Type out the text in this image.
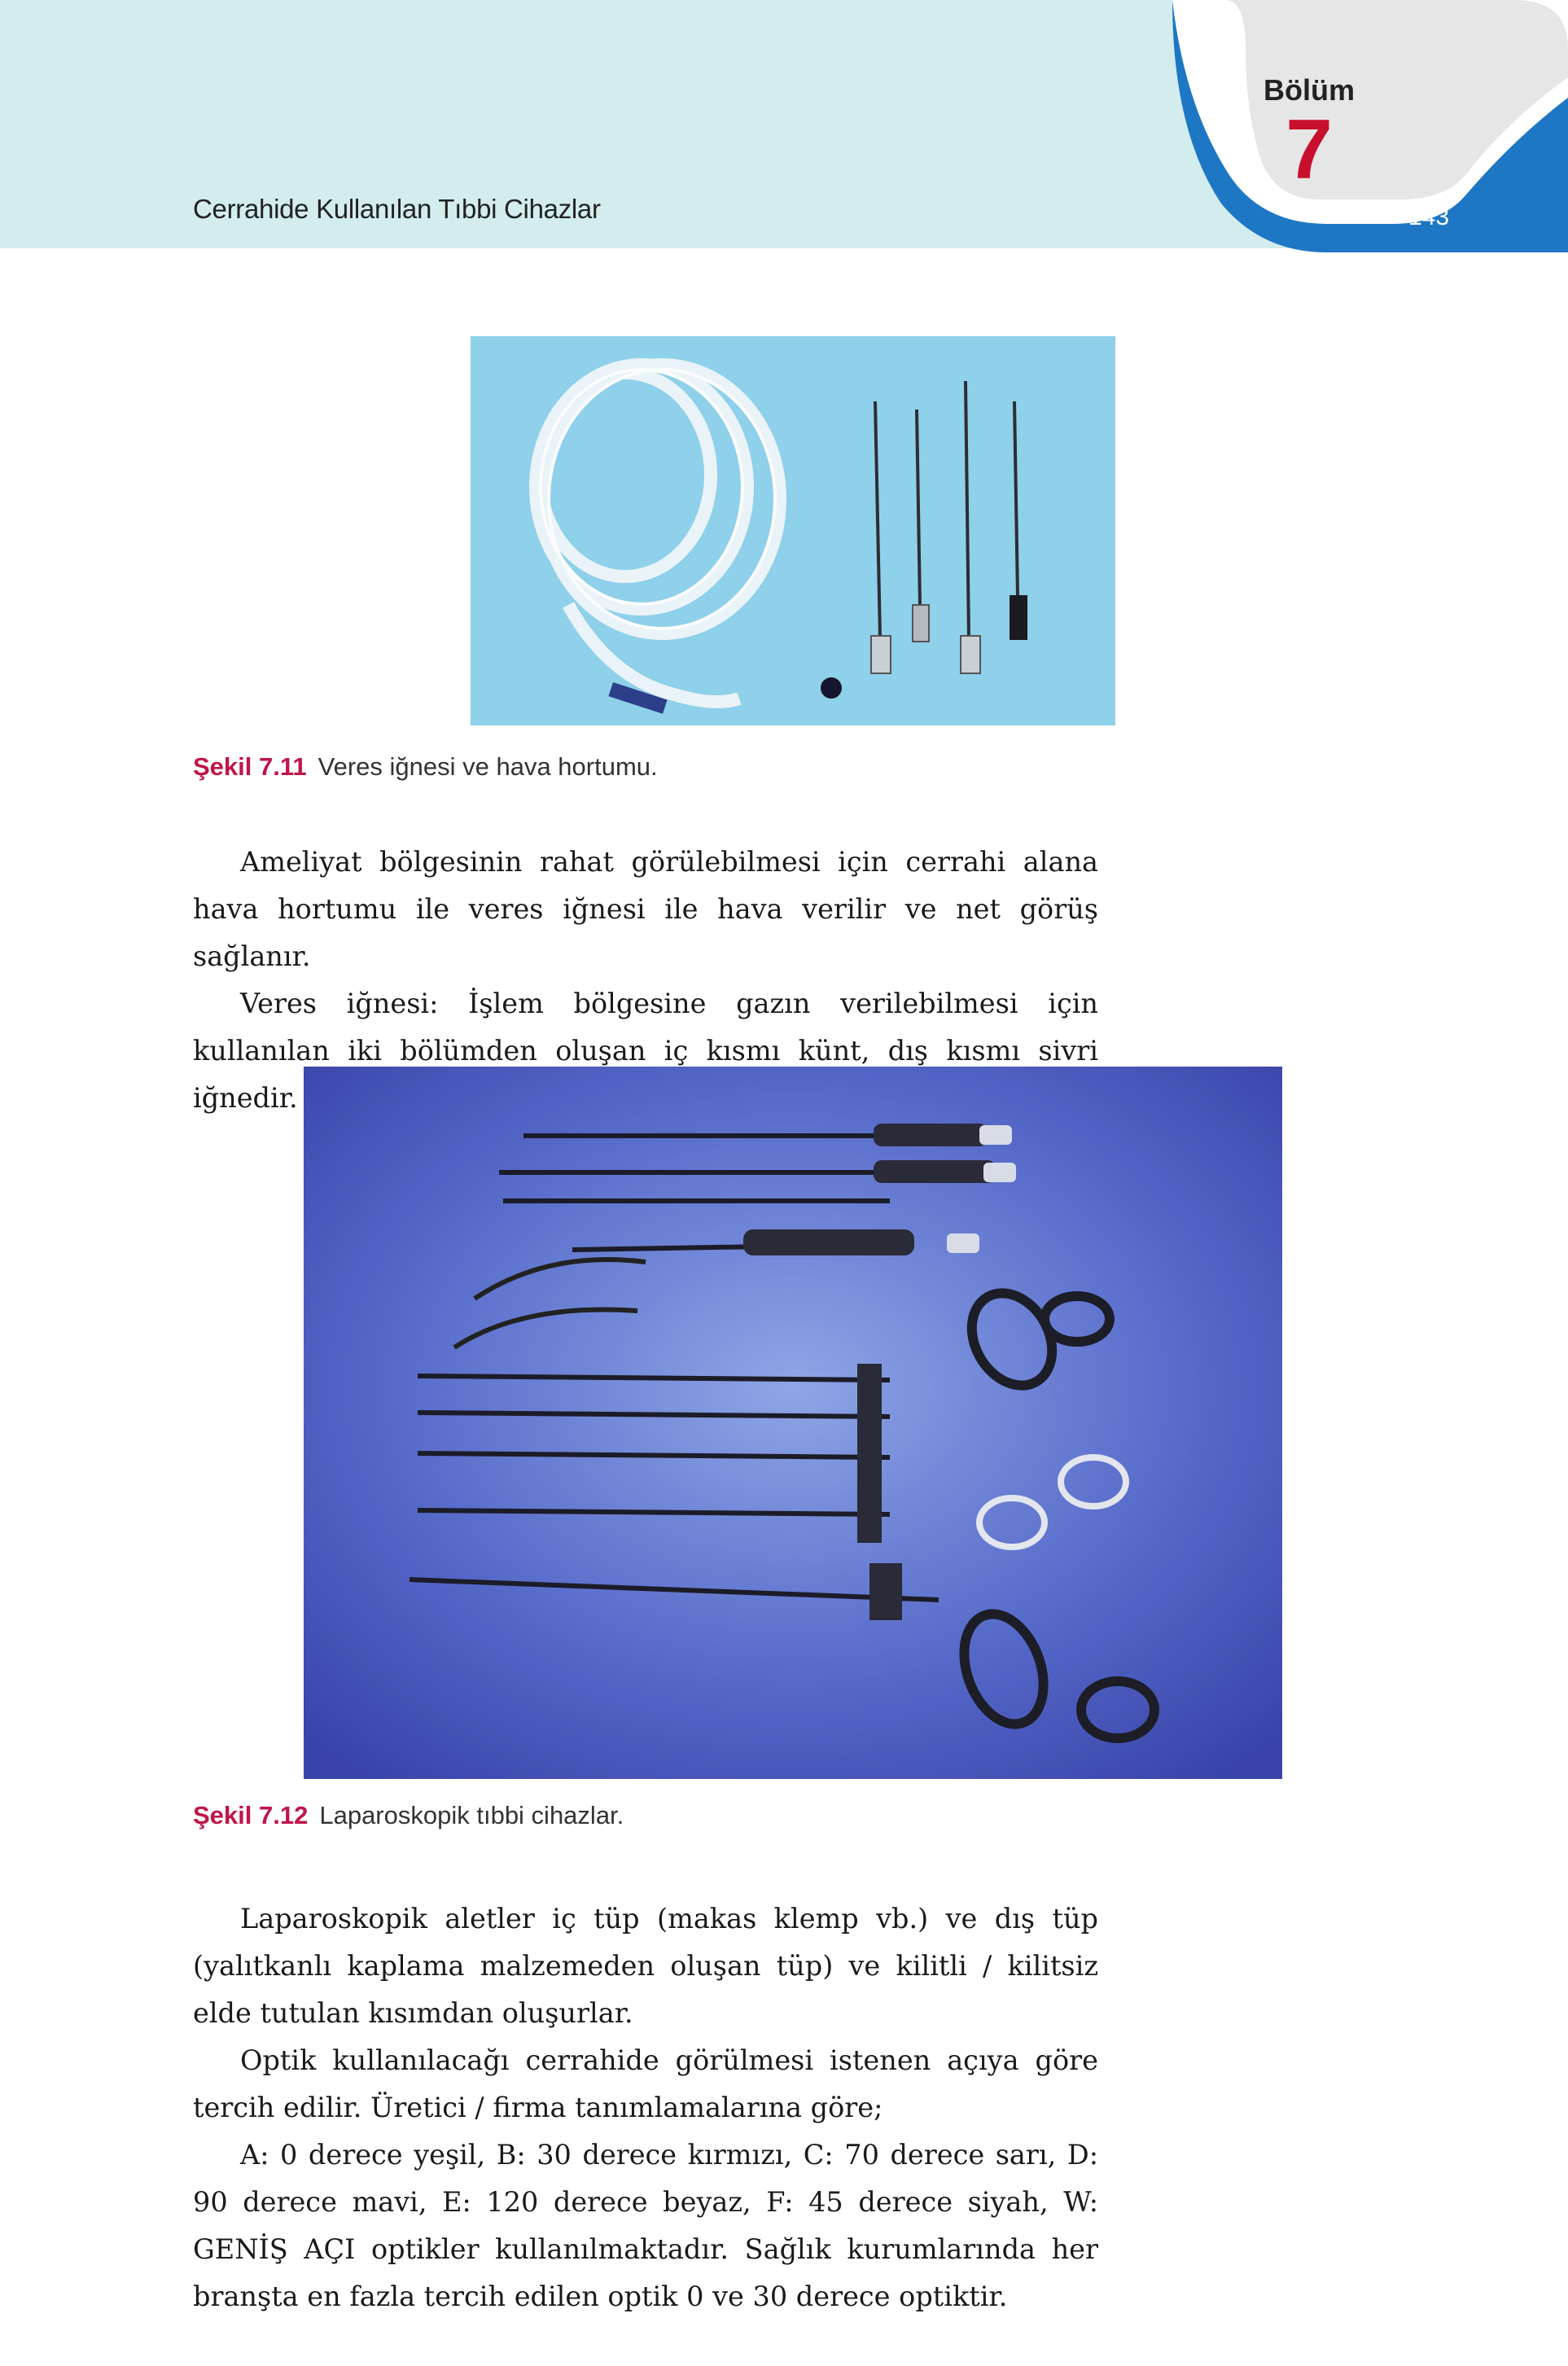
Cerrahide Kullanılan Tıbbi Cihazlar
Bölüm
7
143
Şekil 7.11 Veres iğnesi ve hava hortumu.

Ameliyat bölgesinin rahat görülebilmesi için cerrahi alana hava hortumu ile veres iğnesi ile hava verilir ve net görüş sağlanır.

Veres iğnesi: İşlem bölgesine gazın verilebilmesi için kullanılan iki bölümden oluşan iç kısmı künt, dış kısmı sivri iğnedir.

Şekil 7.12 Laparoskopik tıbbi cihazlar.

Laparoskopik aletler iç tüp (makas klemp vb.) ve dış tüp (yalıtkanlı kaplama malzemeden oluşan tüp) ve kilitli / kilitsiz elde tutulan kısımdan oluşurlar.

Optik kullanılacağı cerrahide görülmesi istenen açıya göre tercih edilir. Üretici / firma tanımlamalarına göre;

A: 0 derece yeşil, B: 30 derece kırmızı, C: 70 derece sarı, D: 90 derece mavi, E: 120 derece beyaz, F: 45 derece siyah, W: GENİŞ AÇI optikler kullanılmaktadır. Sağlık kurumlarında her branşta en fazla tercih edilen optik 0 ve 30 derece optiktir.
